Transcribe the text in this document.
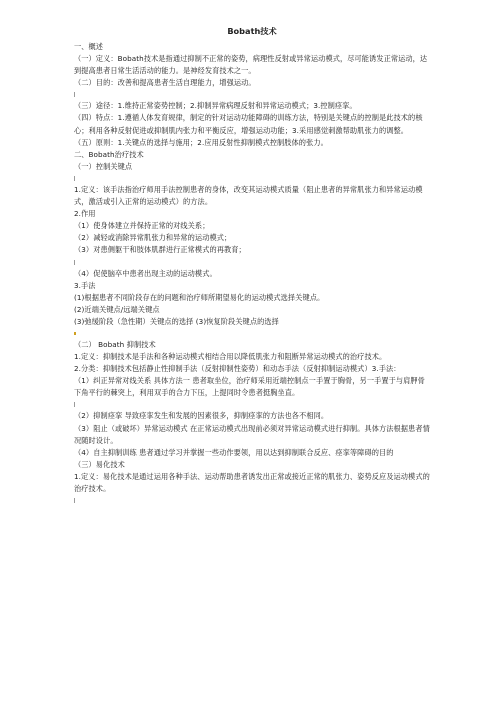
Bobath技术
一、概述
（一）定义：Bobath技术是指通过抑制不正常的姿势，病理性反射或异常运动模式，尽可能诱发正常运动，达到提高患者日常生活活动的能力。是神经发育技术之一。
（二）目的：改善和提高患者生活自理能力，增强运动。
（三）途径：1.维持正常姿势控制；2.抑制异常病理反射和异常运动模式；3.控制痉挛。
（四）特点：1.遵循人体发育规律，制定的针对运动功能障碍的训练方法，特别是关键点的控制是此技术的核心；利用各种反射促进或抑制肌内张力和平衡反应，增强运动功能；3.采用感觉刺激帮助肌张力的调整。
（五）原则：1.关键点的选择与施用；2.应用反射性抑制模式控制肢体的张力。
二、Bobath治疗技术
（一）控制关键点
1.定义：该手法指治疗师用手法控制患者的身体，改变其运动模式质量（阻止患者的异常肌张力和异常运动模式，激活或引入正常的运动模式）的方法。
2.作用
（1）使身体建立并保持正常的对线关系；
（2）减轻或消除异常肌张力和异常的运动模式；
（3）对患侧躯干和肢体肌群进行正常模式的再教育；
（4）促使脑卒中患者出现主动的运动模式。
3.手法
(1)根据患者不同阶段存在的问题和治疗师所期望易化的运动模式选择关键点。
(2)近端关键点/远端关键点
(3)弛缓阶段（急性期）关键点的选择 (3)恢复阶段关键点的选择
（二） Bobath 抑制技术
1.定义：抑制技术是手法和各种运动模式相结合用以降低肌张力和阻断异常运动模式的治疗技术。
2.分类：抑制技术包括静止性抑制手法（反射抑制性姿势）和动态手法（反射抑制运动模式）3.手法：
（1）纠正异常对线关系 具体方法一 患者取坐位，治疗师采用近端控制点一手置于胸骨，另一手置于与肩胛骨下角平行的棘突上，利用双手的合力下压，上提同时令患者挺胸坐直。
（2）抑制痉挛 导致痉挛发生和发展的因素很多，抑制痉挛的方法也各不相同。
（3）阻止（或破坏）异常运动模式 在正常运动模式出现前必须对异常运动模式进行抑制。具体方法根据患者情况随时设计。
（4）自主抑制训练 患者通过学习并掌握一些动作要领，用以达到抑制联合反应、痉挛等障碍的目的
（三）易化技术
1.定义：易化技术是通过运用各种手法、运动帮助患者诱发出正常或接近正常的肌张力、姿势反应及运动模式的治疗技术。
